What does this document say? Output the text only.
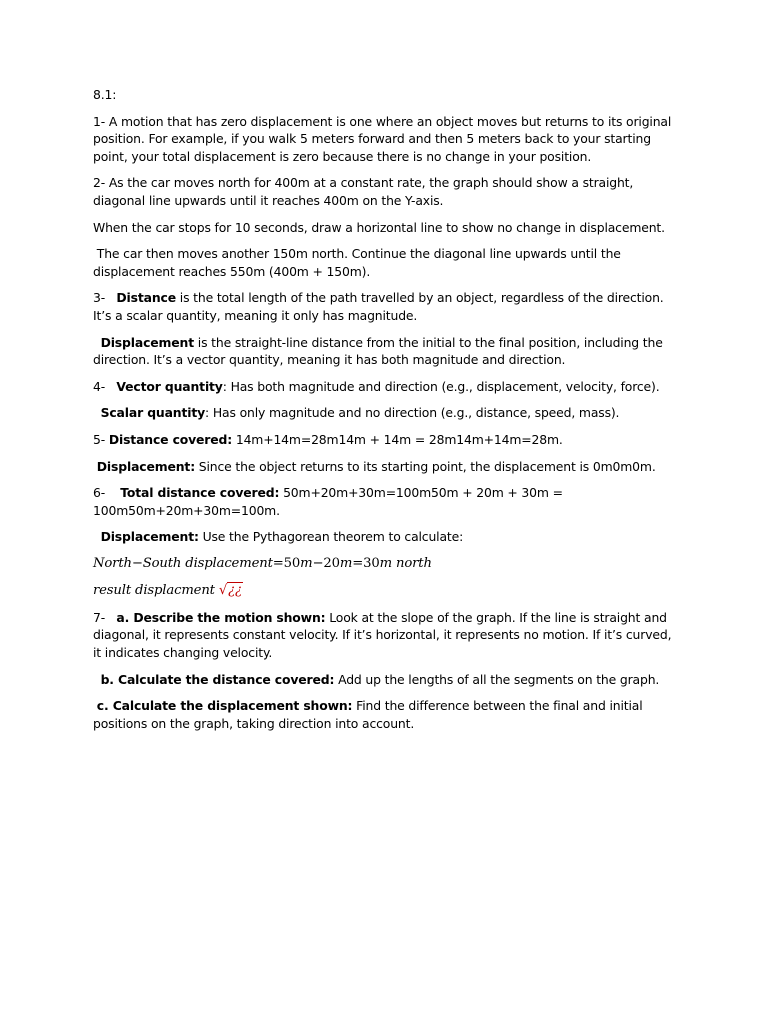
8.1:

1- A motion that has zero displacement is one where an object moves but returns to its original position. For example, if you walk 5 meters forward and then 5 meters back to your starting point, your total displacement is zero because there is no change in your position.

2- As the car moves north for 400m at a constant rate, the graph should show a straight, diagonal line upwards until it reaches 400m on the Y-axis.

When the car stops for 10 seconds, draw a horizontal line to show no change in displacement.

The car then moves another 150m north. Continue the diagonal line upwards until the displacement reaches 550m (400m + 150m).

3-   Distance is the total length of the path travelled by an object, regardless of the direction. It’s a scalar quantity, meaning it only has magnitude.

Displacement is the straight-line distance from the initial to the final position, including the direction. It’s a vector quantity, meaning it has both magnitude and direction.

4-   Vector quantity: Has both magnitude and direction (e.g., displacement, velocity, force).

Scalar quantity: Has only magnitude and no direction (e.g., distance, speed, mass).

5- Distance covered: 14m+14m=28m14m + 14m = 28m14m+14m=28m.

Displacement: Since the object returns to its starting point, the displacement is 0m0m0m.

6-    Total distance covered: 50m+20m+30m=100m50m + 20m + 30m = 100m50m+20m+30m=100m.

Displacement: Use the Pythagorean theorem to calculate:

North−South displacement=50m−20m=30m north

result displacment √¿¿

7-   a. Describe the motion shown: Look at the slope of the graph. If the line is straight and diagonal, it represents constant velocity. If it’s horizontal, it represents no motion. If it’s curved, it indicates changing velocity.

b. Calculate the distance covered: Add up the lengths of all the segments on the graph.

c. Calculate the displacement shown: Find the difference between the final and initial positions on the graph, taking direction into account.
